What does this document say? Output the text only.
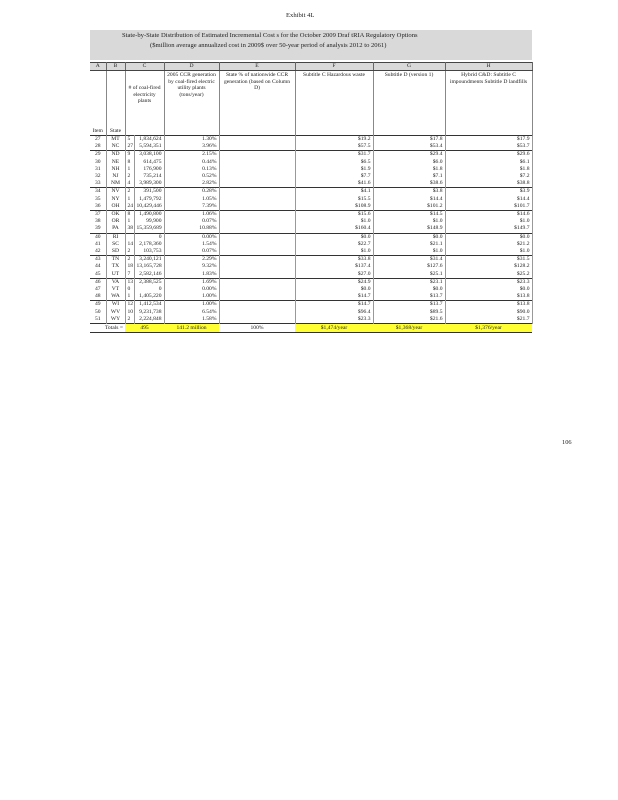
Exhibit 4L
State-by-State Distribution of Estimated Incremental Cost s for the October 2009 Draf tRIA Regulatory Options
($million average annualized cost in 2009$ over 50-year period of analysis 2012 to 2061)
A	B	C		D	E	F	G	H
Item	State	# of coal-fired electricity plants		2005 CCR generation by coal-fired electric utility plants (tons/year)	State % of nationwide CCR generation (based on Column D)	Subtitle C Hazardous waste	Subtitle D (version 1)	Hybrid C&D: Subtitle C impoundments Subtitle D landfills
27	MT	5	1,834,624	1.30%		$19.2	$17.8	$17.9
28	NC	27	5,594,351	3.96%		$57.5	$53.4	$53.7
29	ND	9	3,038,100	2.15%		$31.7	$29.4	$29.6
30	NE	8	614,475	0.44%		$6.5	$6.0	$6.1
31	NH	1	176,900	0.13%		$1.9	$1.8	$1.8
32	NJ	2	735,214	0.52%		$7.7	$7.1	$7.2
33	NM	4	3,989,300	2.82%		$41.6	$38.6	$38.8
34	NV	2	391,500	0.28%		$4.1	$3.8	$3.9
35	NY	1	1,479,792	1.05%		$15.5	$14.4	$14.4
36	OH	24	10,429,446	7.39%		$108.9	$101.2	$101.7
37	OK	8	1,490,800	1.06%		$15.6	$14.5	$14.6
38	OR	1	99,900	0.07%		$1.0	$1.0	$1.0
39	PA	38	15,359,689	10.88%		$160.4	$148.9	$149.7
40	RI		0	0.00%		$0.0	$0.0	$0.0
41	SC	14	2,178,360	1.54%		$22.7	$21.1	$21.2
42	SD	2	103,753	0.07%		$1.0	$1.0	$1.0
43	TN	2	3,240,121	2.29%		$33.8	$31.4	$31.5
44	TX	18	13,165,728	9.32%		$137.4	$127.6	$128.2
45	UT	7	2,582,146	1.83%		$27.0	$25.1	$25.2
46	VA	13	2,388,525	1.69%		$24.9	$23.1	$23.3
47	VT	0	0	0.00%		$0.0	$0.0	$0.0
48	WA	1	1,405,220	1.00%		$14.7	$13.7	$13.8
49	WI	12	1,412,534	1.00%		$14.7	$13.7	$13.8
50	WV	10	9,231,738	6.54%		$96.4	$89.5	$90.0
51	WY	2	2,224,848	1.58%		$23.3	$21.6	$21.7
Totals =		495		141.2 million	100%	$1,474/year	$1,368/year	$1,376/year
106
